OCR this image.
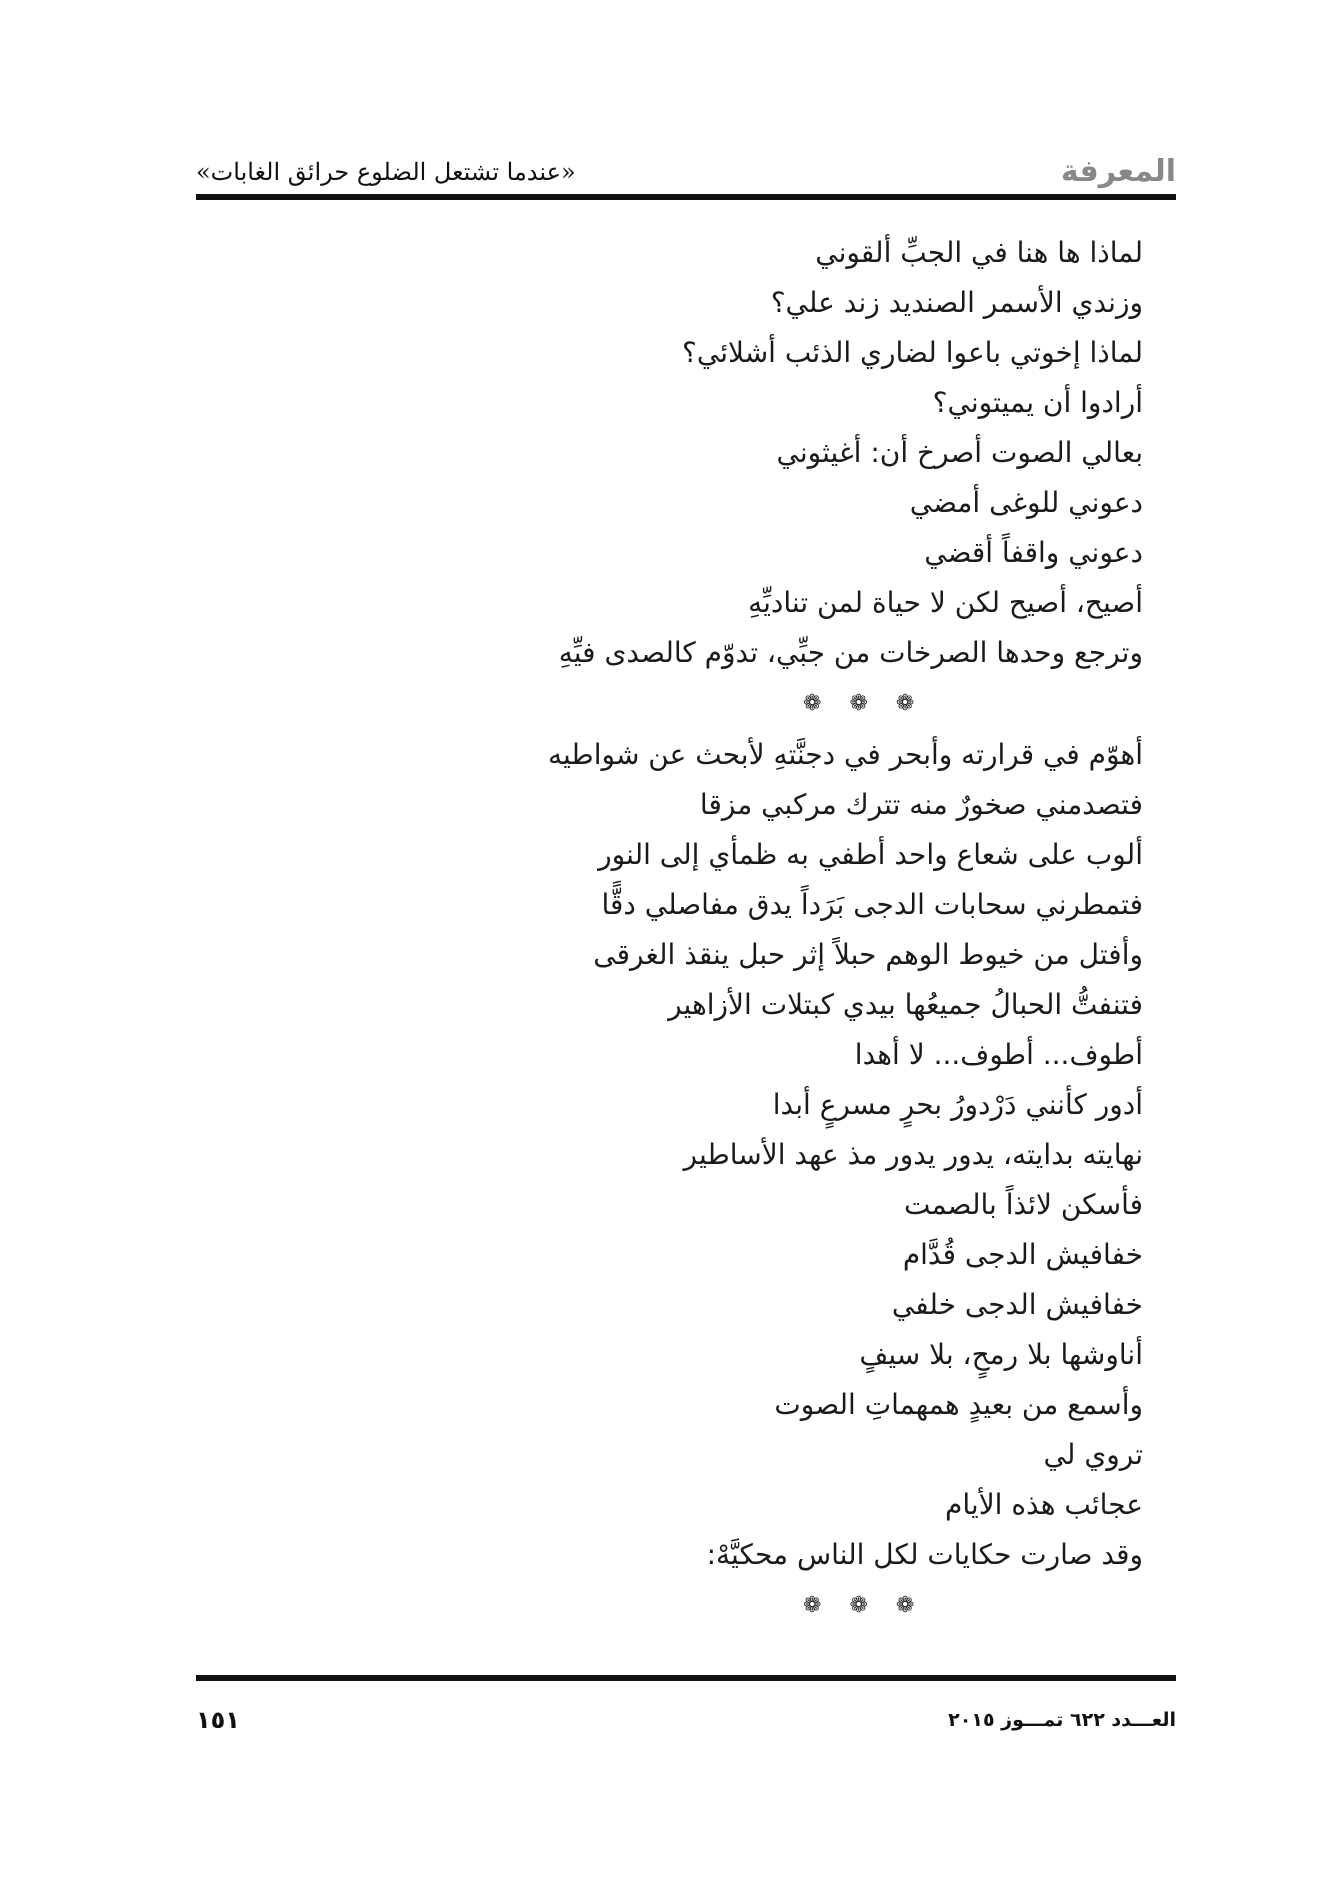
«عندما تشتعل الضلوع حرائق الغابات»	المعرفة
لماذا ها هنا في الجبِّ ألقوني
وزندي الأسمر الصنديد زند علي؟
لماذا إخوتي باعوا لضاري الذئب أشلائي؟
أرادوا أن يميتوني؟
بعالي الصوت أصرخ أن: أغيثوني
دعوني للوغى أمضي
دعوني واقفاً أقضي
أصيح، أصيح لكن لا حياة لمن تناديِّهِ
وترجع وحدها الصرخات من جبِّي، تدوّم كالصدى فيِّهِ
❁❁❁
أهوّم في قرارته وأبحر في دجنَّتهِ لأبحث عن شواطيه
فتصدمني صخورٌ منه تترك مركبي مزقا
ألوب على شعاع واحد أطفي به ظمأي إلى النور
فتمطرني سحابات الدجى بَرَداً يدق مفاصلي دقًّا
وأفتل من خيوط الوهم حبلاً إثر حبل ينقذ الغرقى
فتنفتُّ الحبالُ جميعُها بيدي كبتلات الأزاهير
أطوف... أطوف... لا أهدا
أدور كأنني دَرْدورُ بحرٍ مسرعٍ أبدا
نهايته بدايته، يدور يدور مذ عهد الأساطير
فأسكن لائذاً بالصمت
خفافيش الدجى قُدَّام
خفافيش الدجى خلفي
أناوشها بلا رمحٍ، بلا سيفٍ
وأسمع من بعيدٍ همهماتِ الصوت
تروي لي
عجائب هذه الأيام
وقد صارت حكايات لكل الناس محكيَّهْ:
❁❁❁
١٥١	العـــدد ٦٢٢ تمـــوز ٢٠١٥
